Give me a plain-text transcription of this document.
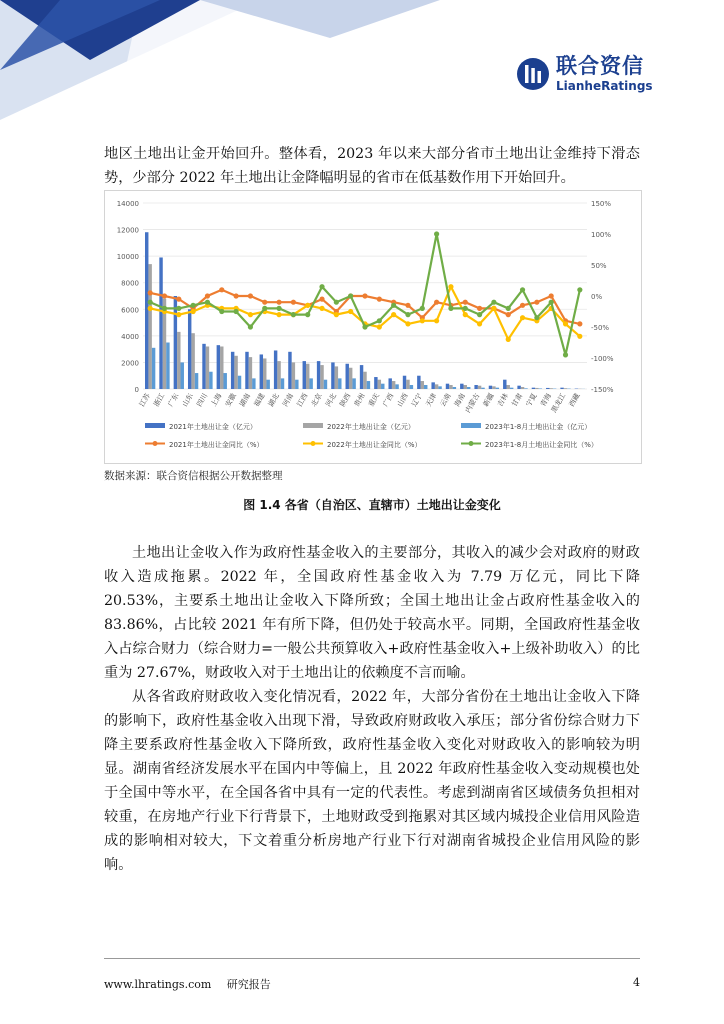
联合资信
LianheRatings

地区土地出让金开始回升。整体看，2023 年以来大部分省市土地出让金维持下滑态势，少部分 2022 年土地出让金降幅明显的省市在低基数作用下开始回升。

0
2000
4000
6000
8000
10000
12000
14000
-150%
-100%
-50%
0%
50%
100%
150%
江苏 浙江 广东 山东 四川 上海 安徽 湖南 福建 湖北 河南 江西 北京 河北 陕西 贵州 重庆 广西 山西 辽宁 天津 云南 海南
内蒙古 新疆 吉林 甘肃 宁夏 青海
黑龙江 西藏
2021年土地出让金（亿元）	2022年土地出让金（亿元）	2023年1-8月土地出让金（亿元）
2021年土地出让金同比（%）	2022年土地出让金同比（%）	2023年1-8月土地出让金同比（%）
数据来源：联合资信根据公开数据整理
图 1.4 各省（自治区、直辖市）土地出让金变化

土地出让金收入作为政府性基金收入的主要部分，其收入的减少会对政府的财政收入造成拖累。2022 年，全国政府性基金收入为 7.79 万亿元，同比下降 20.53%，主要系土地出让金收入下降所致；全国土地出让金占政府性基金收入的 83.86%，占比较 2021 年有所下降，但仍处于较高水平。同期，全国政府性基金收入占综合财力（综合财力=一般公共预算收入+政府性基金收入+上级补助收入）的比重为 27.67%，财政收入对于土地出让的依赖度不言而喻。

从各省政府财政收入变化情况看，2022 年，大部分省份在土地出让金收入下降的影响下，政府性基金收入出现下滑，导致政府财政收入承压；部分省份综合财力下降主要系政府性基金收入下降所致，政府性基金收入变化对财政收入的影响较为明显。湖南省经济发展水平在国内中等偏上，且 2022 年政府性基金收入变动规模也处于全国中等水平，在全国各省中具有一定的代表性。考虑到湖南省区域债务负担相对较重，在房地产行业下行背景下，土地财政受到拖累对其区域内城投企业信用风险造成的影响相对较大，下文着重分析房地产行业下行对湖南省城投企业信用风险的影响。

www.lhratings.com 研究报告	4
